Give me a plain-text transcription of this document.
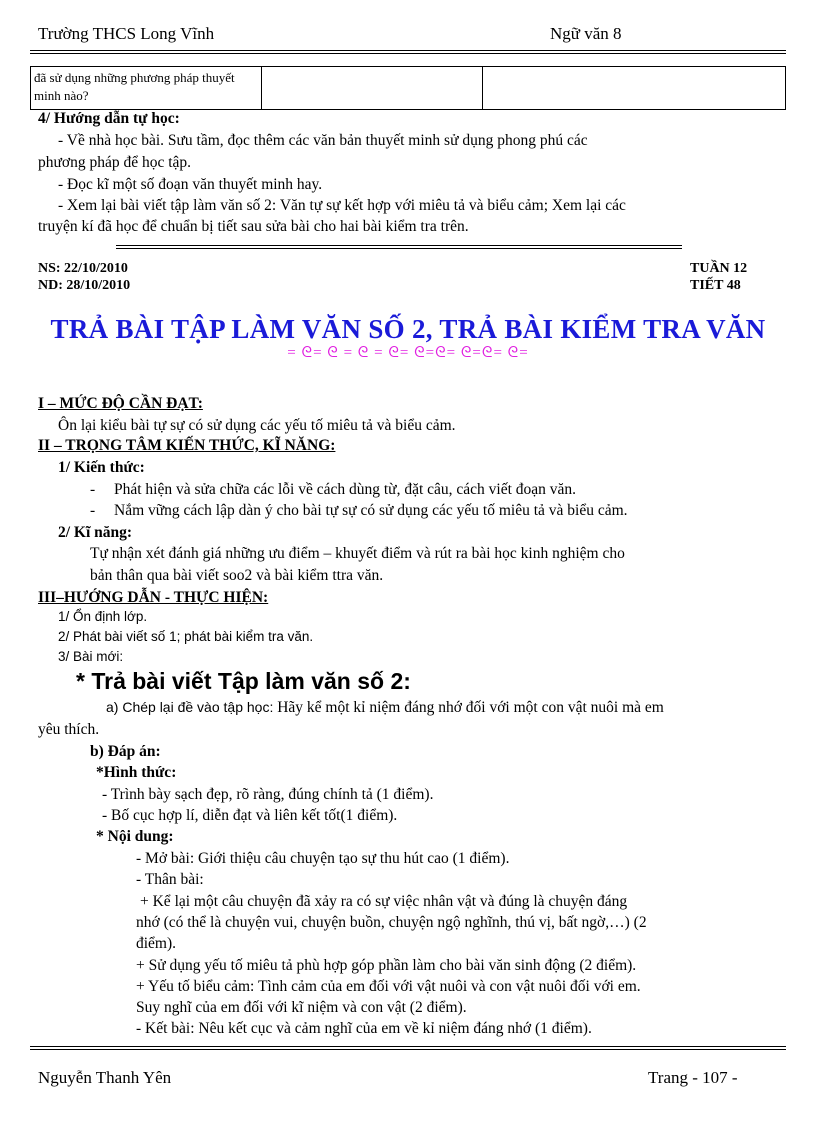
Trường THCS Long Vĩnh	Ngữ văn 8
đã sử dụng những phương pháp thuyết minh nào?		
4/ Hướng dẫn tự học:
- Về nhà học bài. Sưu tầm, đọc thêm các văn bản thuyết minh sử dụng phong phú các
phương pháp để học tập.
- Đọc kĩ một số đoạn văn thuyết minh hay.
- Xem lại bài viết tập làm văn số 2: Văn tự sự kết hợp với miêu tả và biểu cảm; Xem lại các
truyện kí đã học để chuẩn bị tiết sau sửa bài cho hai bài kiểm tra trên.
NS: 22/10/2010
ND: 28/10/2010
TUẦN 12
TIẾT 48
TRẢ BÀI TẬP LÀM VĂN SỐ 2, TRẢ BÀI KIỂM TRA VĂN
= ᘓ= ᘓ = ᘓ = ᘓ= ᘓ=ᘓ= ᘓ=ᘓ= ᘓ=
I – MỨC ĐỘ CẦN ĐẠT:
Ôn lại kiểu bài tự sự có sử dụng các yếu tố miêu tả và biểu cảm.
II – TRỌNG TÂM KIẾN THỨC, KĨ NĂNG:
1/ Kiến thức:
- Phát hiện và sửa chữa các lỗi về cách dùng từ, đặt câu, cách viết đoạn văn.
- Nắm vững cách lập dàn ý cho bài tự sự có sử dụng các yếu tố miêu tả và biểu cảm.
2/ Kĩ năng:
Tự nhận xét đánh giá những ưu điểm – khuyết điểm và rút ra bài học kinh nghiệm cho
bản thân qua bài viết soo2 và bài kiểm ttra văn.
III–HƯỚNG DẪN - THỰC HIỆN:
1/ Ổn định lớp.
2/ Phát bài viết số 1; phát bài kiểm tra văn.
3/ Bài mới:
* Trả bài viết Tập làm văn số 2:
a) Chép lại đề vào tập học: Hãy kể một kỉ niệm đáng nhớ đối với một con vật nuôi mà em
yêu thích.
b) Đáp án:
*Hình thức:
- Trình bày sạch đẹp, rõ ràng, đúng chính tả (1 điểm).
- Bố cục hợp lí, diễn đạt và liên kết tốt(1 điểm).
* Nội dung:
- Mở bài: Giới thiệu câu chuyện tạo sự thu hút cao (1 điểm).
- Thân bài:
+ Kể lại một câu chuyện đã xảy ra có sự việc nhân vật và đúng là chuyện đáng
nhớ (có thể là chuyện vui, chuyện buồn, chuyện ngộ nghĩnh, thú vị, bất ngờ,…) (2
điểm).
+ Sử dụng yếu tố miêu tả phù hợp góp phần làm cho bài văn sinh động (2 điểm).
+ Yếu tố biểu cảm: Tình cảm của em đối với vật nuôi và con vật nuôi đối với em.
Suy nghĩ của em đối với kĩ niệm và con vật (2 điểm).
- Kết bài: Nêu kết cục và cảm nghĩ của em về kỉ niệm đáng nhớ (1 điểm).
Nguyễn Thanh Yên	Trang - 107 -
